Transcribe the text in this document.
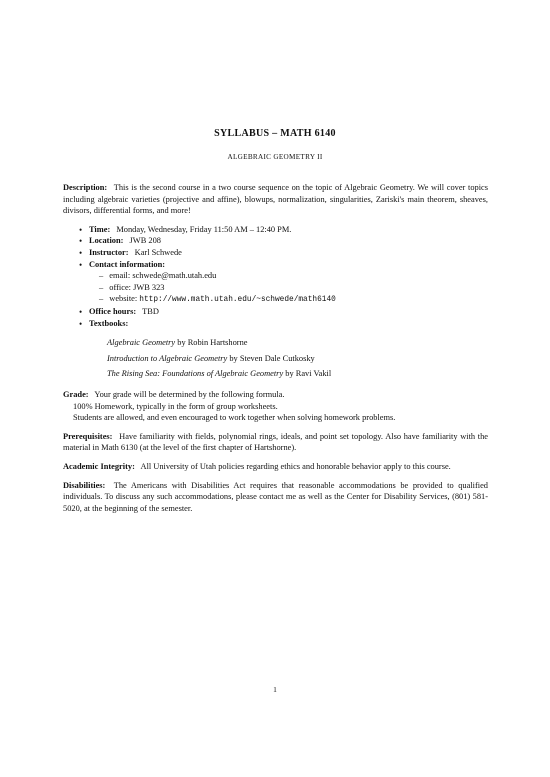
SYLLABUS – MATH 6140
ALGEBRAIC GEOMETRY II

Description: This is the second course in a two course sequence on the topic of Algebraic Geometry. We will cover topics including algebraic varieties (projective and affine), blowups, normalization, singularities, Zariski's main theorem, sheaves, divisors, differential forms, and more!

• Time: Monday, Wednesday, Friday 11:50 AM – 12:40 PM.
• Location: JWB 208
• Instructor: Karl Schwede
• Contact information:
– email: schwede@math.utah.edu
– office: JWB 323
– website: http://www.math.utah.edu/~schwede/math6140
• Office hours: TBD
• Textbooks:
Algebraic Geometry by Robin Hartshorne
Introduction to Algebraic Geometry by Steven Dale Cutkosky
The Rising Sea: Foundations of Algebraic Geometry by Ravi Vakil
Grade: Your grade will be determined by the following formula.
100% Homework, typically in the form of group worksheets.
Students are allowed, and even encouraged to work together when solving homework problems.

Prerequisites: Have familiarity with fields, polynomial rings, ideals, and point set topology. Also have familiarity with the material in Math 6130 (at the level of the first chapter of Hartshorne).

Academic Integrity: All University of Utah policies regarding ethics and honorable behavior apply to this course.

Disabilities: The Americans with Disabilities Act requires that reasonable accommodations be provided to qualified individuals. To discuss any such accommodations, please contact me as well as the Center for Disability Services, (801) 581-5020, at the beginning of the semester.

1
